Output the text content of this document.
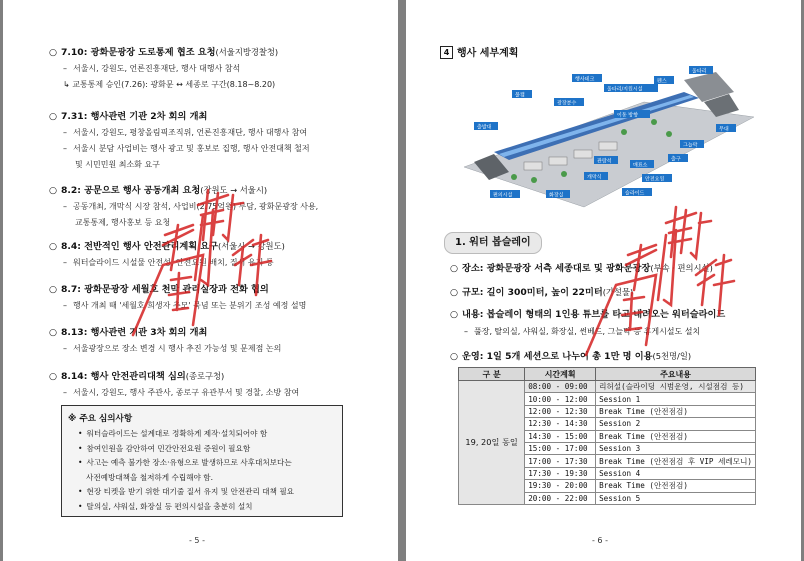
○ 7.10: 광화문광장 도로통제 협조 요청(서울지방경찰청)
– 서울시, 강원도, 언론진흥재단, 행사 대행사 참석
↳ 교통통제 승인(7.26): 광화문 ↔ 세종로 구간(8.18~8.20)
○ 7.31: 행사관련 기관 2차 회의 개최
– 서울시, 강원도, 평창올림픽조직위, 언론진흥재단, 행사 대행사 참여
– 서울시 분담 사업비는 행사 광고 및 홍보로 집행, 행사 안전대책 철저
및 시민민원 최소화 요구
○ 8.2: 공문으로 행사 공동개최 요청(강원도 → 서울시)
– 공동개최, 개막식 시장 참석, 사업비(2.75억원) 부담, 광화문광장 사용,
교통통제, 행사홍보 등 요청
○ 8.4: 전반적인 행사 안전관리계획 요구(서울시 → 강원도)
– 워터슬라이드 시설물 안전성, 안전요원 배치, 질서 유지 등
○ 8.7: 광화문광장 세월호 천막 관리실장과 전화 협의
– 행사 개최 때 '세월호 희생자 추모' 묵념 또는 분위기 조성 예정 설명
○ 8.13: 행사관련 기관 3차 회의 개최
– 서울광장으로 장소 변경 시 행사 추진 가능성 및 문제점 논의
○ 8.14: 행사 안전관리대책 심의(종로구청)
– 서울시, 강원도, 행사 주관사, 종로구 유관부서 및 경찰, 소방 참여
※ 주요 심의사항
• 워터슬라이드는 설계대로 정확하게 제작·설치되어야 함
• 참여인원을 감안하여 민간안전요원 증원이 필요함
• 사고는 예측 불가한 장소·유형으로 발생하므로 사후대처보다는
사전예방대책을 철저하게 수립해야 함.
• 현장 티켓을 받기 위한 대기줄 질서 유지 및 안전관리 대책 필요
• 탈의실, 샤워실, 화장실 등 편의시설을 충분히 설치
- 5 -
4 행사 세부계획
출발대
울타리/지원시설
불캡
광장분수
행사데크	펜스
개막식
울타리
무대
이동 방향
그늘막
슬라이드
출구
화장실
편의시설
안전요원
관람석
매표소
1. 워터 봅슬레이
○ 장소: 광화문광장 서측 세종대로 및 광화문광장(부속 · 편의시설)
○ 규모: 길이 300미터, 높이 22미터(가설물)
○ 내용: 봅슬레이 형태의 1인용 튜브를 타고 내려오는 워터슬라이드
○ 운영: 1일 5개 세션으로 나누어 총 1만 명 이용(5천명/일)
– 풀장, 탈의실, 샤워실, 화장실, 썬베드, 그늘막 등 휴게시설도 설치
구 분	시간계획	주요내용
19, 20일 동일	08:00 - 09:00	리허설(슬라이딩 시범운영, 시설점검 등)
	10:00 - 12:00	Session 1
	12:00 - 12:30	Break Time (안전점검)
	12:30 - 14:30	Session 2
	14:30 - 15:00	Break Time (안전점검)
	15:00 - 17:00	Session 3
	17:00 - 17:30	Break Time (안전점검 후 VIP 세레모니)
	17:30 - 19:30	Session 4
	19:30 - 20:00	Break Time (안전점검)
	20:00 - 22:00	Session 5
- 6 -
